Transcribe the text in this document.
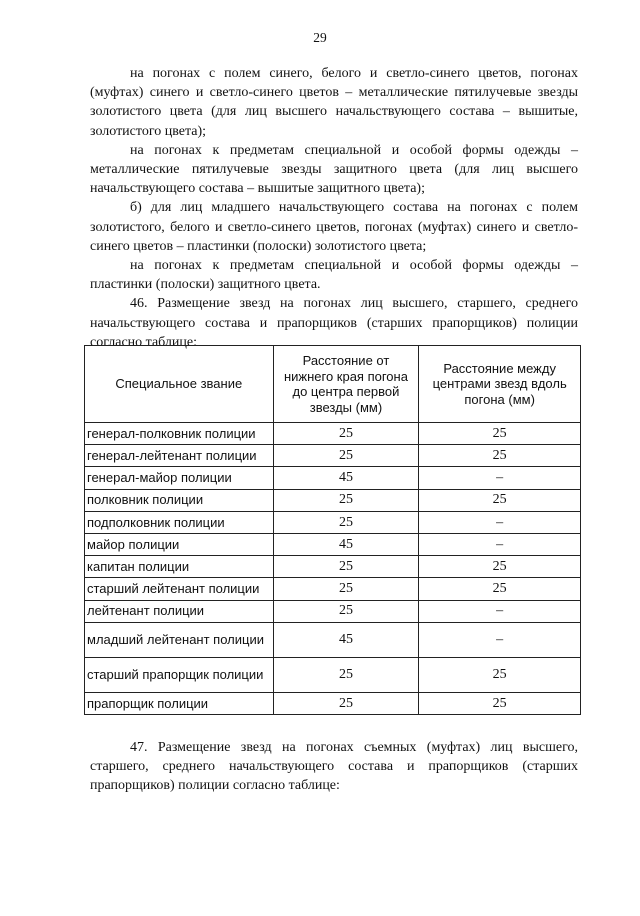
29

на погонах с полем синего, белого и светло-синего цветов, погонах (муфтах) синего и светло-синего цветов – металлические пятилучевые звезды золотистого цвета (для лиц высшего начальствующего состава – вышитые, золотистого цвета);

на погонах к предметам специальной и особой формы одежды – металлические пятилучевые звезды защитного цвета (для лиц высшего начальствующего состава – вышитые защитного цвета);

б) для лиц младшего начальствующего состава на погонах с полем золотистого, белого и светло-синего цветов, погонах (муфтах) синего и светло-синего цветов – пластинки (полоски) золотистого цвета;

на погонах к предметам специальной и особой формы одежды – пластинки (полоски) защитного цвета.

46. Размещение звезд на погонах лиц высшего, старшего, среднего начальствующего состава и прапорщиков (старших прапорщиков) полиции согласно таблице:

Специальное звание	Расстояние от нижнего края погона до центра первой звезды (мм)	Расстояние между центрами звезд вдоль погона (мм)
генерал-полковник полиции	25	25
генерал-лейтенант полиции	25	25
генерал-майор полиции	45	–
полковник полиции	25	25
подполковник полиции	25	–
майор полиции	45	–
капитан полиции	25	25
старший лейтенант полиции	25	25
лейтенант полиции	25	–
младший лейтенант полиции	45	–
старший прапорщик полиции	25	25
прапорщик полиции	25	25

47. Размещение звезд на погонах съемных (муфтах) лиц высшего, старшего, среднего начальствующего состава и прапорщиков (старших прапорщиков) полиции согласно таблице:
